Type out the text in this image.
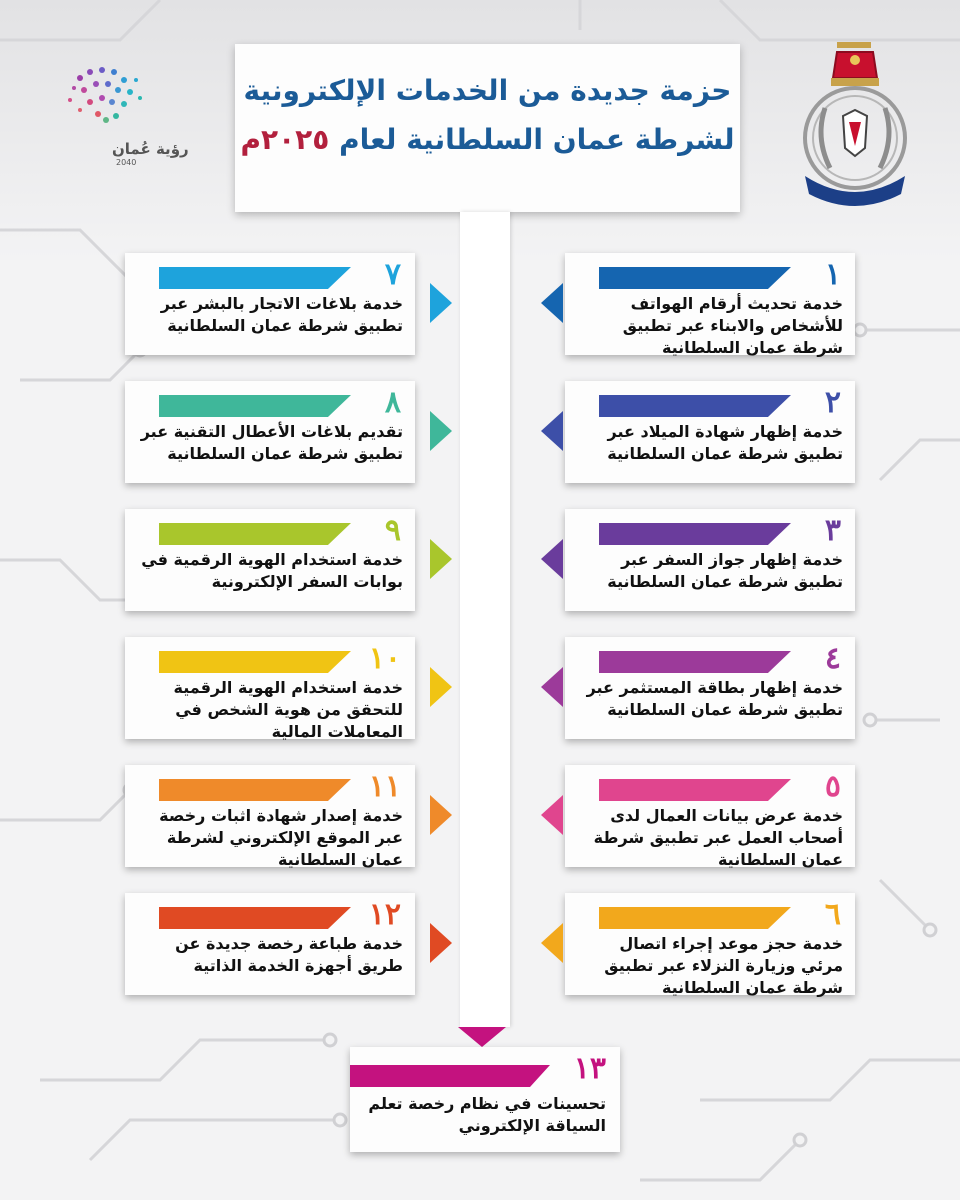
رؤية عُمان
2040
حزمة جديدة من الخدمات الإلكترونية
لشرطة عمان السلطانية لعام ٢٠٢٥م
١
خدمة تحديث أرقام الهواتف للأشخاص والابناء عبر تطبيق شرطة عمان السلطانية
٢
خدمة إظهار شهادة الميلاد عبر تطبيق شرطة عمان السلطانية
٣
خدمة إظهار جواز السفر عبر تطبيق شرطة عمان السلطانية
٤
خدمة إظهار بطاقة المستثمر عبر تطبيق شرطة عمان السلطانية
٥
خدمة عرض بيانات العمال لدى أصحاب العمل عبر تطبيق شرطة عمان السلطانية
٦
خدمة حجز موعد إجراء اتصال مرئي وزيارة النزلاء عبر تطبيق شرطة عمان السلطانية
٧
خدمة بلاغات الاتجار بالبشر عبر تطبيق شرطة عمان السلطانية
٨
تقديم بلاغات الأعطال التقنية عبر تطبيق شرطة عمان السلطانية
٩
خدمة استخدام الهوية الرقمية في بوابات السفر الإلكترونية
١٠
خدمة استخدام الهوية الرقمية للتحقق من هوية الشخص في المعاملات المالية
١١
خدمة إصدار شهادة اثبات رخصة عبر الموقع الإلكتروني لشرطة عمان السلطانية
١٢
خدمة طباعة رخصة جديدة عن طريق أجهزة الخدمة الذاتية
١٣
تحسينات في نظام رخصة تعلم السياقة الإلكتروني
